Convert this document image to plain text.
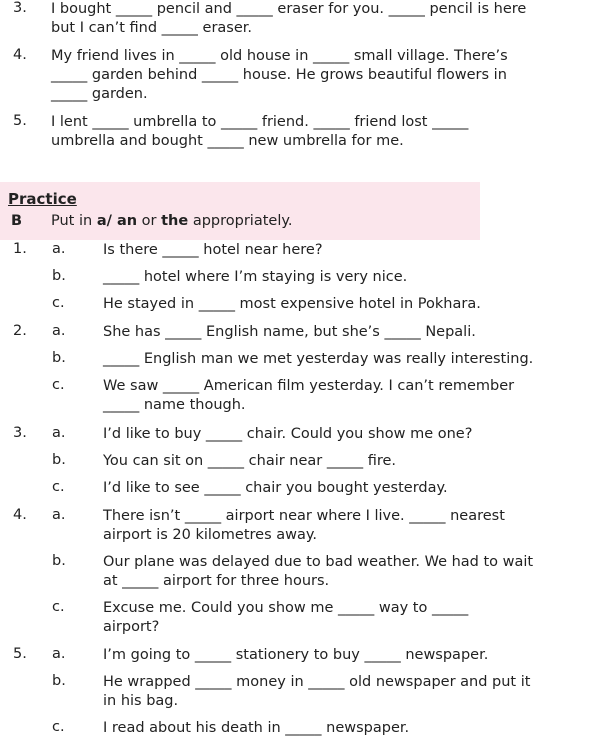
3. I bought _____ pencil and _____ eraser for you. _____ pencil is here
but I can’t find _____ eraser.
4. My friend lives in _____ old house in _____ small village. There’s
_____ garden behind _____ house. He grows beautiful flowers in
_____ garden.
5. I lent _____ umbrella to _____ friend. _____ friend lost _____
umbrella and bought _____ new umbrella for me.
Practice
B Put in a/ an or the appropriately.
1. a.	Is there _____ hotel near here?
b.	_____ hotel where I’m staying is very nice.
c.	He stayed in _____ most expensive hotel in Pokhara.
2. a.	She has _____ English name, but she’s _____ Nepali.
b.	_____ English man we met yesterday was really interesting.
c.	We saw _____ American film yesterday. I can’t remember
_____ name though.
3. a.	I’d like to buy _____ chair. Could you show me one?
b.	You can sit on _____ chair near _____ fire.
c.	I’d like to see _____ chair you bought yesterday.
4. a.	There isn’t _____ airport near where I live. _____ nearest
airport is 20 kilometres away.
b.	Our plane was delayed due to bad weather. We had to wait
at _____ airport for three hours.
c.	Excuse me. Could you show me _____ way to _____
airport?
5. a.	I’m going to _____ stationery to buy _____ newspaper.
b.	He wrapped _____ money in _____ old newspaper and put it
in his bag.
c.	I read about his death in _____ newspaper.
